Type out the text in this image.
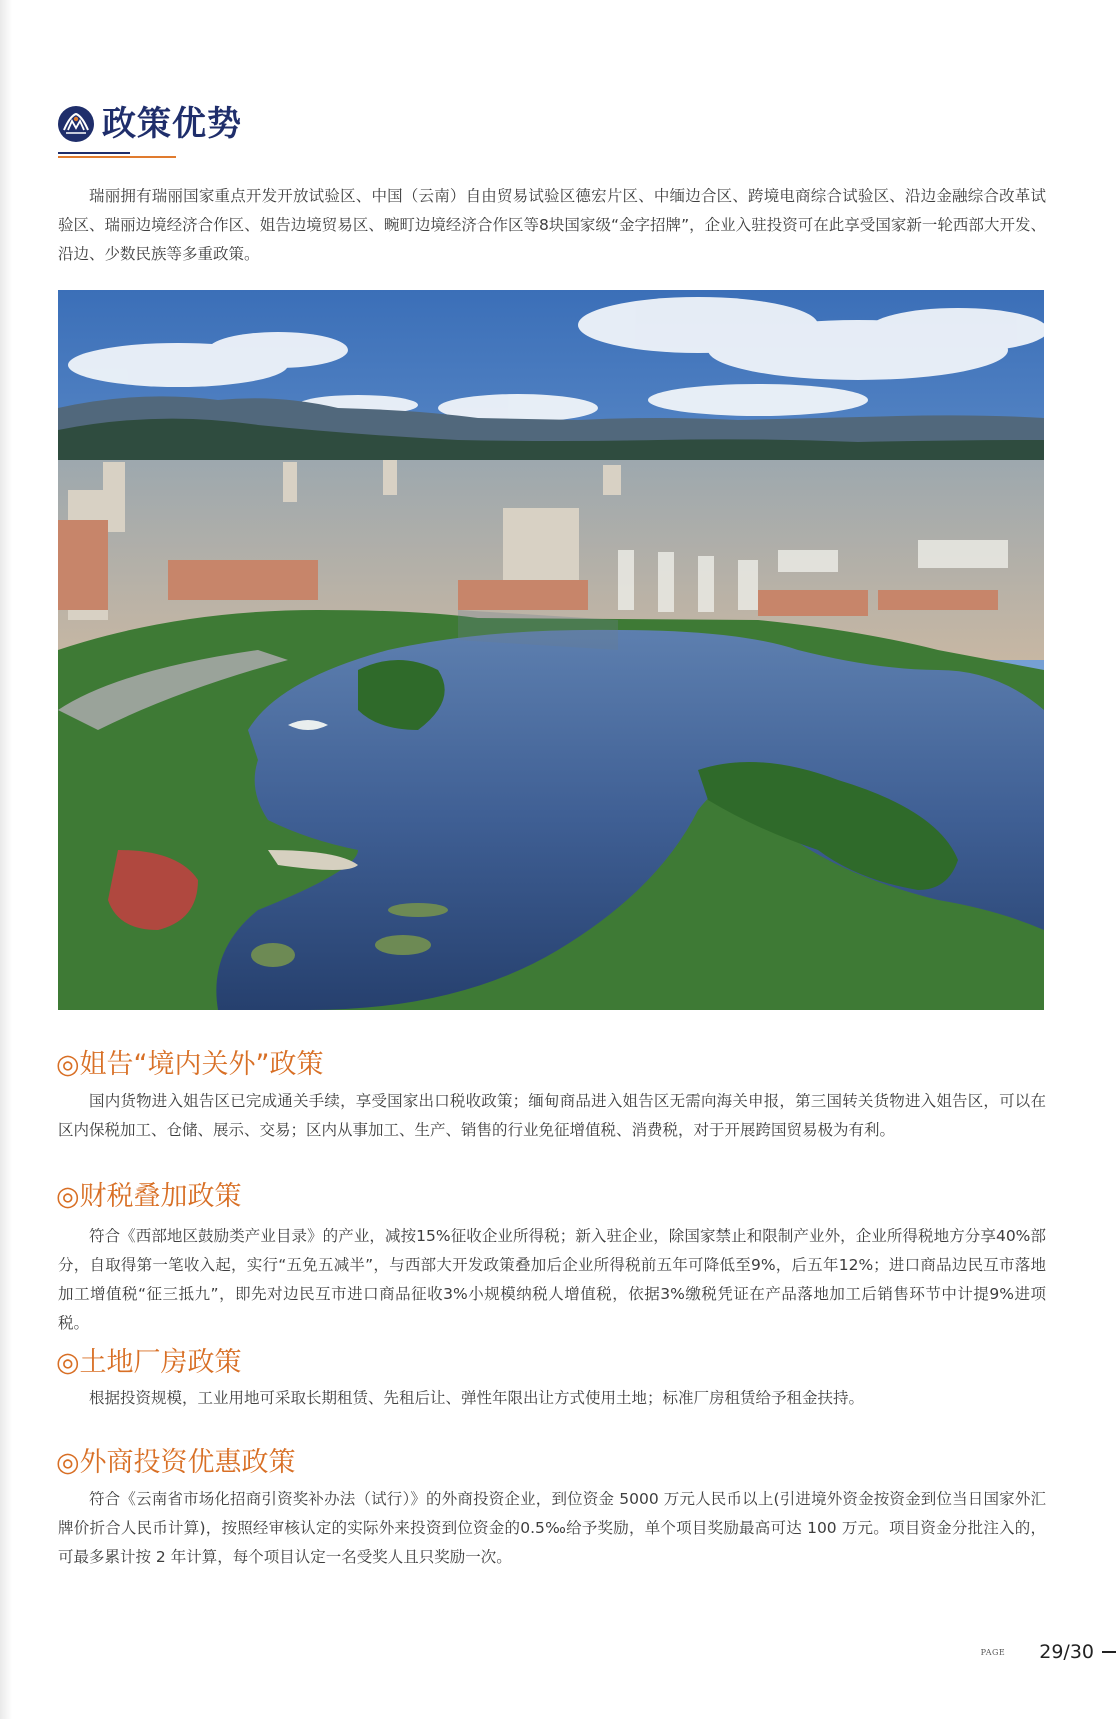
政策优势
瑞丽拥有瑞丽国家重点开发开放试验区、中国（云南）自由贸易试验区德宏片区、中缅边合区、跨境电商综合试验区、沿边金融综合改革试验区、瑞丽边境经济合作区、姐告边境贸易区、畹町边境经济合作区等8块国家级“金字招牌”，企业入驻投资可在此享受国家新一轮西部大开发、沿边、少数民族等多重政策。
◎姐告“境内关外”政策
国内货物进入姐告区已完成通关手续，享受国家出口税收政策；缅甸商品进入姐告区无需向海关申报，第三国转关货物进入姐告区，可以在区内保税加工、仓储、展示、交易；区内从事加工、生产、销售的行业免征增值税、消费税，对于开展跨国贸易极为有利。
◎财税叠加政策
符合《西部地区鼓励类产业目录》的产业，减按15%征收企业所得税；新入驻企业，除国家禁止和限制产业外，企业所得税地方分享40%部分，自取得第一笔收入起，实行“五免五减半”，与西部大开发政策叠加后企业所得税前五年可降低至9%，后五年12%；进口商品边民互市落地加工增值税“征三抵九”，即先对边民互市进口商品征收3%小规模纳税人增值税，依据3%缴税凭证在产品落地加工后销售环节中计提9%进项税。
◎土地厂房政策
根据投资规模，工业用地可采取长期租赁、先租后让、弹性年限出让方式使用土地；标准厂房租赁给予租金扶持。
◎外商投资优惠政策
符合《云南省市场化招商引资奖补办法（试行）》的外商投资企业，到位资金 5000 万元人民币以上(引进境外资金按资金到位当日国家外汇牌价折合人民币计算)，按照经审核认定的实际外来投资到位资金的0.5‰给予奖励，单个项目奖励最高可达 100 万元。项目资金分批注入的，可最多累计按 2 年计算，每个项目认定一名受奖人且只奖励一次。
PAGE 29/30
